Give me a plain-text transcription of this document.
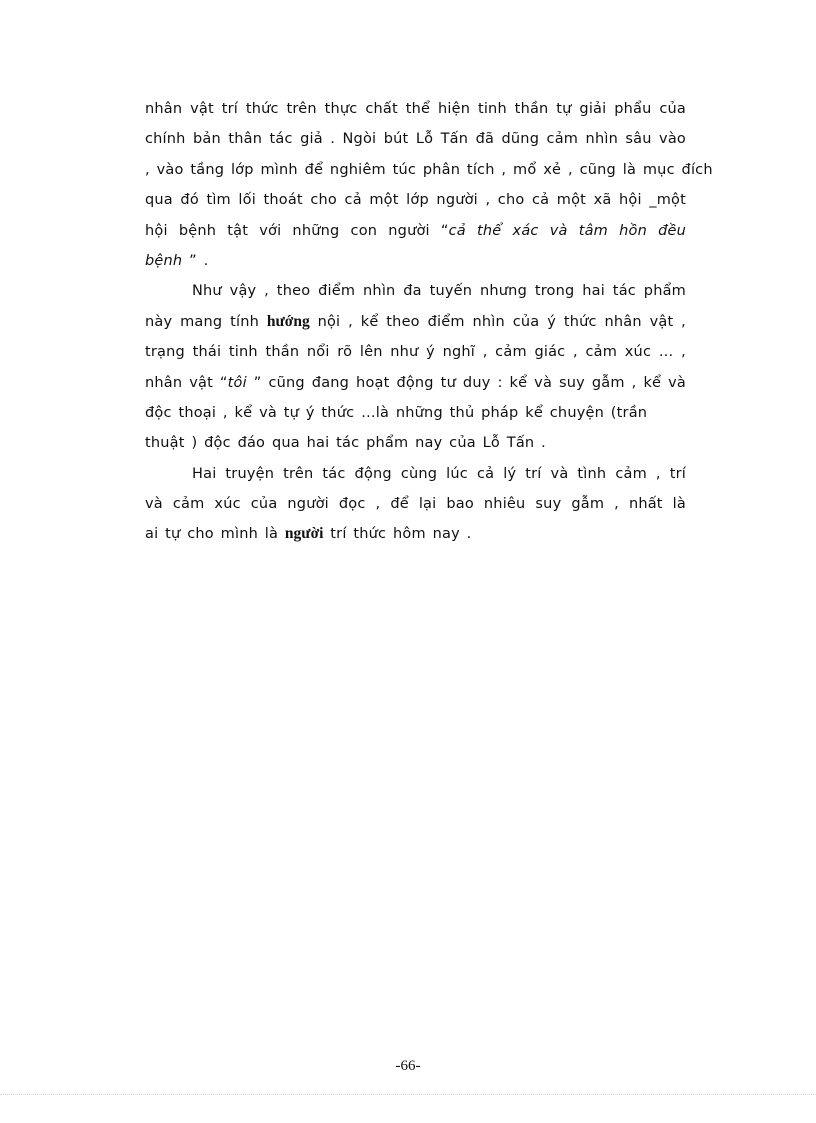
nhân vật trí thức trên thực chất thể hiện tinh thần tự giải phẩu của
chính bản thân tác giả . Ngòi bút Lỗ Tấn đã dũng cảm nhìn sâu vào
, vào tầng lớp mình để nghiêm túc phân tích , mổ xẻ , cũng là mục đích
qua đó tìm lối thoát cho cả một lớp người , cho cả một xã hội _một
hội bệnh tật với những con người “cả thể xác và tâm hồn đều
bệnh ” .
Như vậy , theo điểm nhìn đa tuyến nhưng trong hai tác phẩm
này mang tính hướng nội , kể theo điểm nhìn của ý thức nhân vật ,
trạng thái tinh thần nổi rõ lên như ý nghĩ , cảm giác , cảm xúc … ,
nhân vật “tôi ” cũng đang hoạt động tư duy : kể và suy gẫm , kể và
độc thoại , kể và tự ý thức …là những thủ pháp kể chuyện (trần
thuật ) độc đáo qua hai tác phẩm nay của Lỗ Tấn .
Hai truyện trên tác động cùng lúc cả lý trí và tình cảm , trí
và cảm xúc của người đọc , để lại bao nhiêu suy gẫm , nhất là
ai tự cho mình là người trí thức hôm nay .
-66-
